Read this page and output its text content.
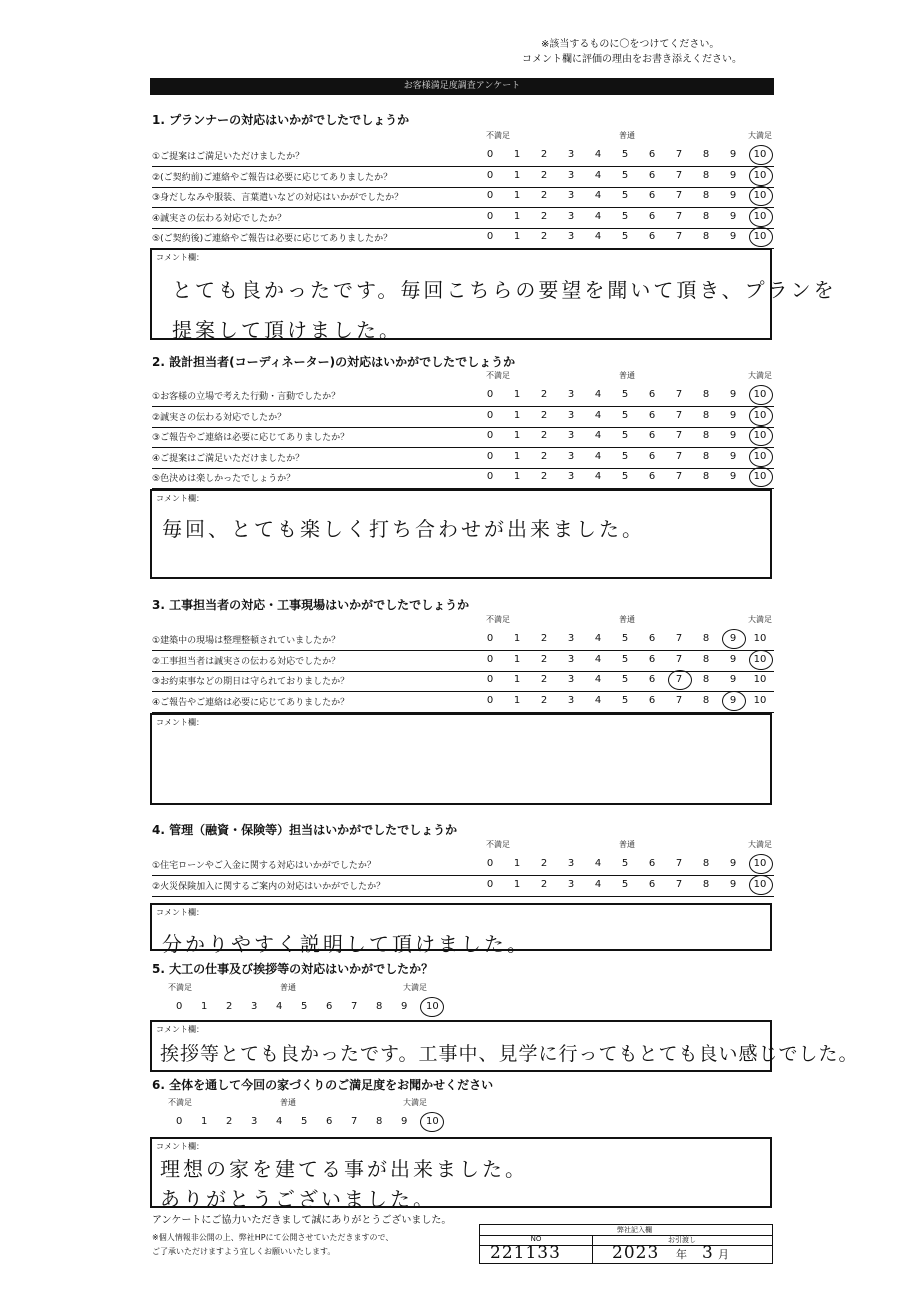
※該当するものに〇をつけてください。
コメント欄に評価の理由をお書き添えください。
お客様満足度調査アンケート
1. プランナーの対応はいかがでしたでしょうか
不満足	普通	大満足
①ご提案はご満足いただけましたか？	0	1	2	3	4	5	6	7	8	9	10
②(ご契約前)ご連絡やご報告は必要に応じてありましたか？	0	1	2	3	4	5	6	7	8	9	10
③身だしなみや服装、言葉遣いなどの対応はいかがでしたか？	0	1	2	3	4	5	6	7	8	9	10
④誠実さの伝わる対応でしたか？	0	1	2	3	4	5	6	7	8	9	10
⑤(ご契約後)ご連絡やご報告は必要に応じてありましたか？	0	1	2	3	4	5	6	7	8	9	10
コメント欄：
とても良かったです。毎回こちらの要望を聞いて頂き、プランを
提案して頂けました。
2. 設計担当者(コーディネーター)の対応はいかがでしたでしょうか
不満足	普通	大満足
①お客様の立場で考えた行動・言動でしたか？	0	1	2	3	4	5	6	7	8	9	10
②誠実さの伝わる対応でしたか？	0	1	2	3	4	5	6	7	8	9	10
③ご報告やご連絡は必要に応じてありましたか？	0	1	2	3	4	5	6	7	8	9	10
④ご提案はご満足いただけましたか？	0	1	2	3	4	5	6	7	8	9	10
⑤色決めは楽しかったでしょうか？	0	1	2	3	4	5	6	7	8	9	10
コメント欄：
毎回、とても楽しく打ち合わせが出来ました。
3. 工事担当者の対応・工事現場はいかがでしたでしょうか
不満足	普通	大満足
①建築中の現場は整理整頓されていましたか？	0	1	2	3	4	5	6	7	8	9	10
②工事担当者は誠実さの伝わる対応でしたか？	0	1	2	3	4	5	6	7	8	9	10
③お約束事などの期日は守られておりましたか？	0	1	2	3	4	5	6	7	8	9	10
④ご報告やご連絡は必要に応じてありましたか？	0	1	2	3	4	5	6	7	8	9	10
コメント欄：
4. 管理（融資・保険等）担当はいかがでしたでしょうか
不満足	普通	大満足
①住宅ローンやご入金に関する対応はいかがでしたか？	0	1	2	3	4	5	6	7	8	9	10
②火災保険加入に関するご案内の対応はいかがでしたか？	0	1	2	3	4	5	6	7	8	9	10
コメント欄：
分かりやすく説明して頂けました。
5. 大工の仕事及び挨拶等の対応はいかがでしたか？
不満足	普通	大満足
0 1 2 3 4 5 6 7 8 9 10
コメント欄：
挨拶等とても良かったです。工事中、見学に行ってもとても良い感じでした。
6. 全体を通して今回の家づくりのご満足度をお聞かせください
不満足	普通	大満足
0 1 2 3 4 5 6 7 8 9 10
コメント欄：
理想の家を建てる事が出来ました。
ありがとうございました。
アンケートにご協力いただきまして誠にありがとうございました。
※個人情報非公開の上、弊社HPにて公開させていただきますので、
ご了承いただけますよう宜しくお願いいたします。
弊社記入欄
NO	お引渡し
221133	2023 年 3 月
